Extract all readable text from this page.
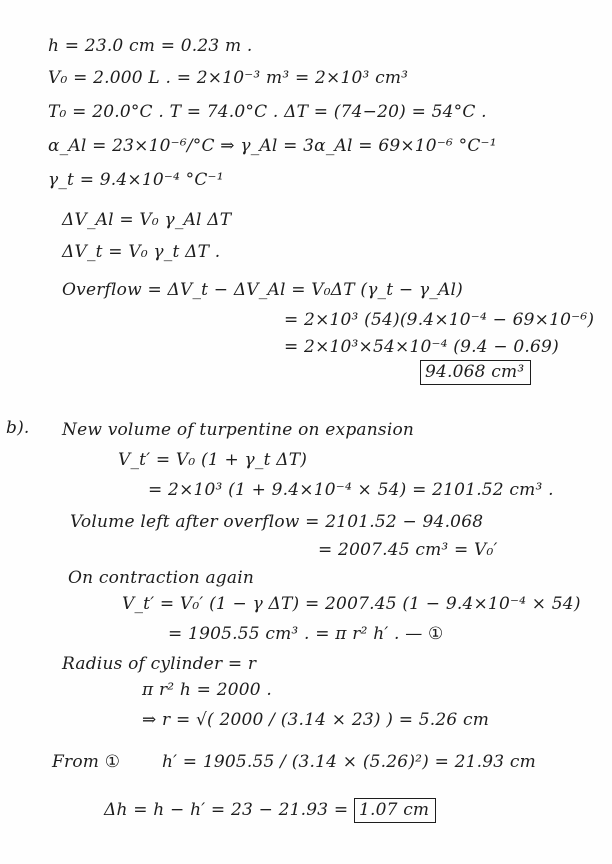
h = 23.0 cm = 0.23 m .
V₀ = 2.000 L . = 2×10⁻³ m³ = 2×10³ cm³
T₀ = 20.0°C . T = 74.0°C . ΔT = (74−20) = 54°C .
α_Al = 23×10⁻⁶/°C ⇒ γ_Al = 3α_Al = 69×10⁻⁶ °C⁻¹
γ_t = 9.4×10⁻⁴ °C⁻¹
ΔV_Al = V₀ γ_Al ΔT
ΔV_t = V₀ γ_t ΔT .
Overflow = ΔV_t − ΔV_Al = V₀ΔT (γ_t − γ_Al)
= 2×10³ (54)(9.4×10⁻⁴ − 69×10⁻⁶)
= 2×10³×54×10⁻⁴ (9.4 − 0.69)
94.068 cm³
b). New volume of turpentine on expansion
V_t′ = V₀ (1 + γ_t ΔT)
= 2×10³ (1 + 9.4×10⁻⁴ × 54) = 2101.52 cm³ .
Volume left after overflow = 2101.52 − 94.068
= 2007.45 cm³ = V₀′
On contraction again
V_t′ = V₀′ (1 − γ ΔT) = 2007.45 (1 − 9.4×10⁻⁴ × 54)
= 1905.55 cm³ . = π r² h′ . — ①
Radius of cylinder = r
π r² h = 2000 .
⇒ r = √( 2000 / (3.14 × 23) ) = 5.26 cm
From ① h′ = 1905.55 / (3.14 × (5.26)²) = 21.93 cm
Δh = h − h′ = 23 − 21.93 = 1.07 cm
